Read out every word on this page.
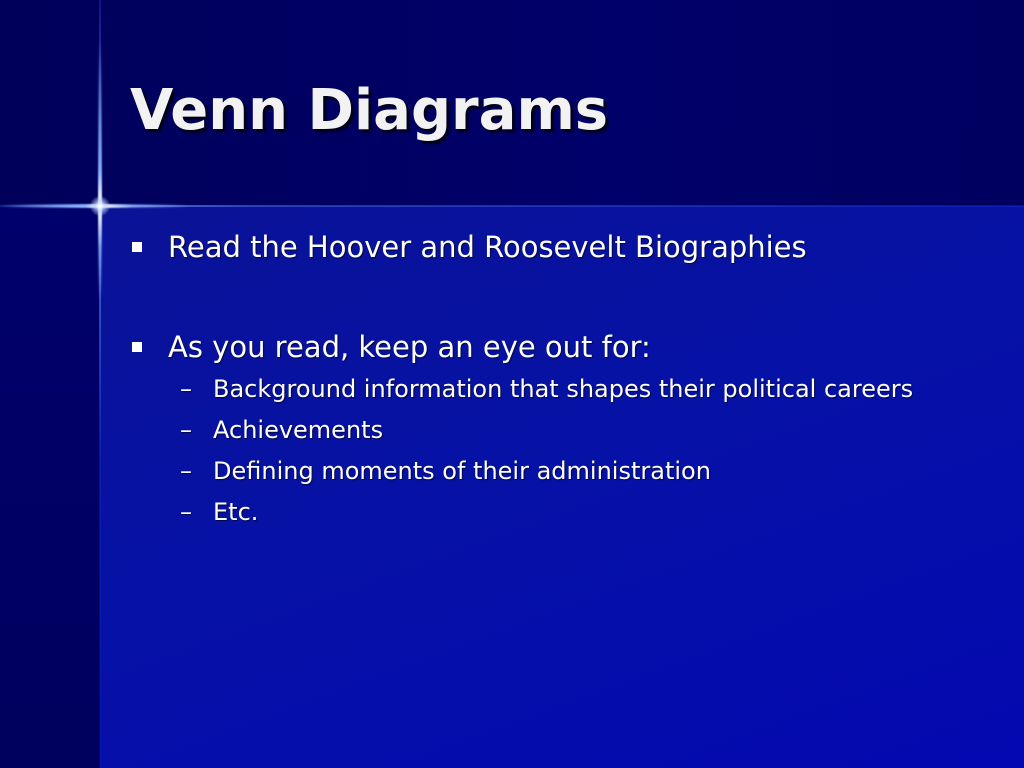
Venn Diagrams
Read the Hoover and Roosevelt Biographies
As you read, keep an eye out for:
– Background information that shapes their political careers
– Achievements
– Defining moments of their administration
– Etc.
